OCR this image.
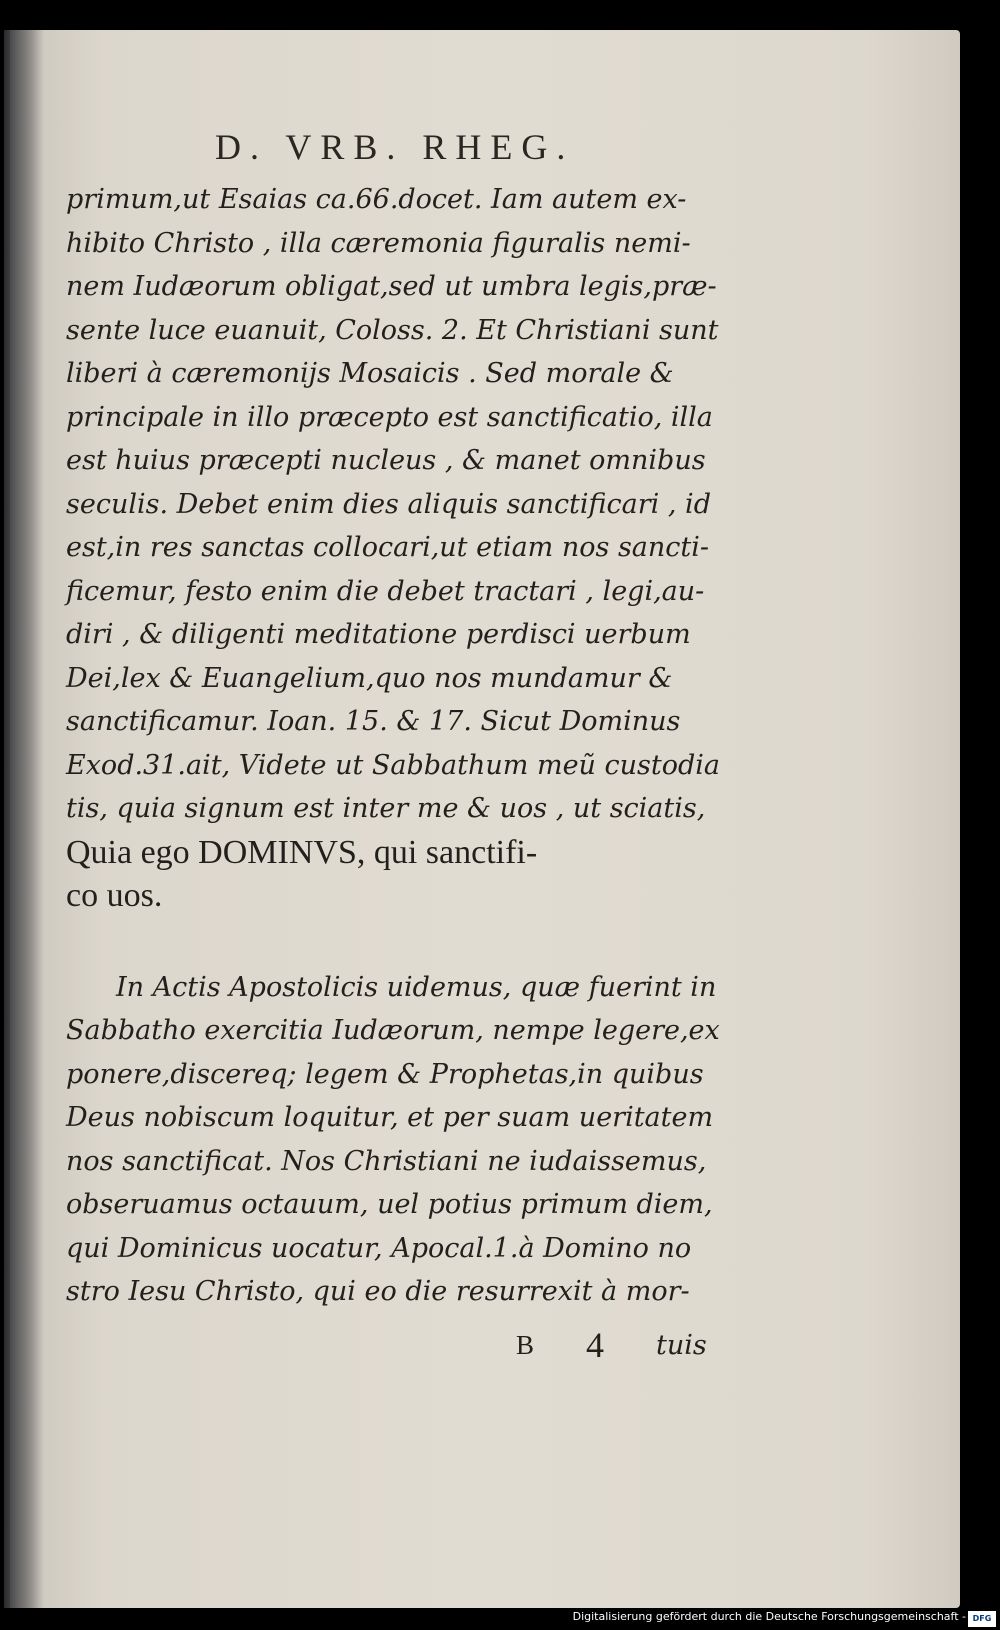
D. VRB. RHEG.
primum,ut Esaias ca.66.docet. Iam autem ex-
hibito Christo , illa cæremonia figuralis nemi-
nem Iudæorum obligat,sed ut umbra legis,præ-
sente luce euanuit, Coloss. 2. Et Christiani sunt
liberi à cæremonijs Mosaicis . Sed morale &
principale in illo præcepto est sanctificatio, illa
est huius præcepti nucleus , & manet omnibus
seculis. Debet enim dies aliquis sanctificari , id
est,in res sanctas collocari,ut etiam nos sancti-
ficemur, festo enim die debet tractari , legi,au-
diri , & diligenti meditatione perdisci uerbum
Dei,lex & Euangelium,quo nos mundamur &
sanctificamur. Ioan. 15. & 17. Sicut Dominus
Exod.31.ait, Videte ut Sabbathum meũ custodia
tis, quia signum est inter me & uos , ut sciatis,
Quia ego DOMINVS, qui sanctifi-
co uos.
In Actis Apostolicis uidemus, quæ fuerint in
Sabbatho exercitia Iudæorum, nempe legere,ex
ponere,discereq; legem & Prophetas,in quibus
Deus nobiscum loquitur, et per suam ueritatem
nos sanctificat. Nos Christiani ne iudaissemus,
obseruamus octauum, uel potius primum diem,
qui Dominicus uocatur, Apocal.1.à Domino no
stro Iesu Christo, qui eo die resurrexit à mor-
B 4 tuis
Digitalisierung gefördert durch die Deutsche Forschungsgemeinschaft - DFG
